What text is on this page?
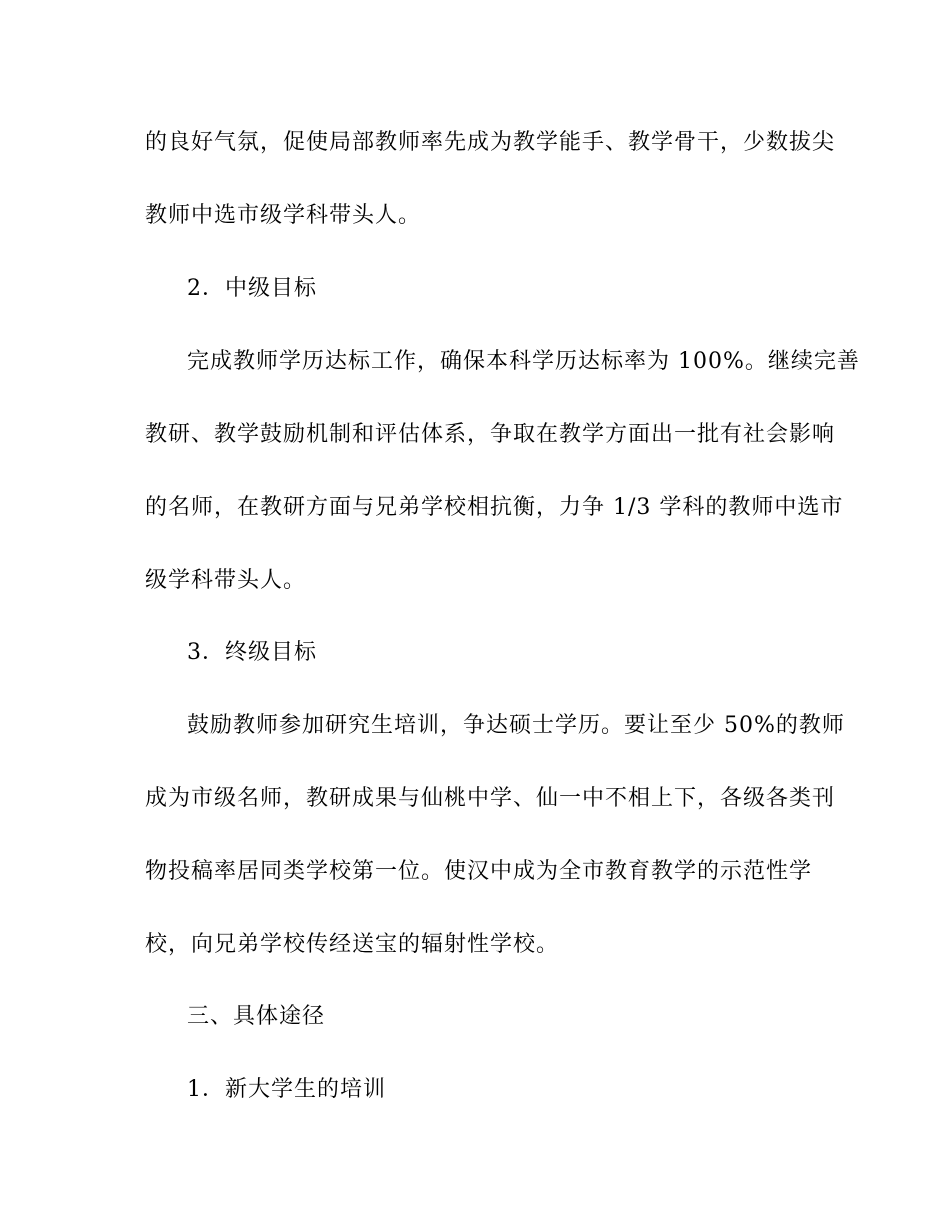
的良好气氛，促使局部教师率先成为教学能手、教学骨干，少数拔尖
教师中选市级学科带头人。
2．中级目标
完成教师学历达标工作，确保本科学历达标率为 100%。继续完善
教研、教学鼓励机制和评估体系，争取在教学方面出一批有社会影响
的名师，在教研方面与兄弟学校相抗衡，力争 1/3 学科的教师中选市
级学科带头人。
3．终级目标
鼓励教师参加研究生培训，争达硕士学历。要让至少 50%的教师
成为市级名师，教研成果与仙桃中学、仙一中不相上下，各级各类刊
物投稿率居同类学校第一位。使汉中成为全市教育教学的示范性学
校，向兄弟学校传经送宝的辐射性学校。
三、具体途径
1．新大学生的培训
